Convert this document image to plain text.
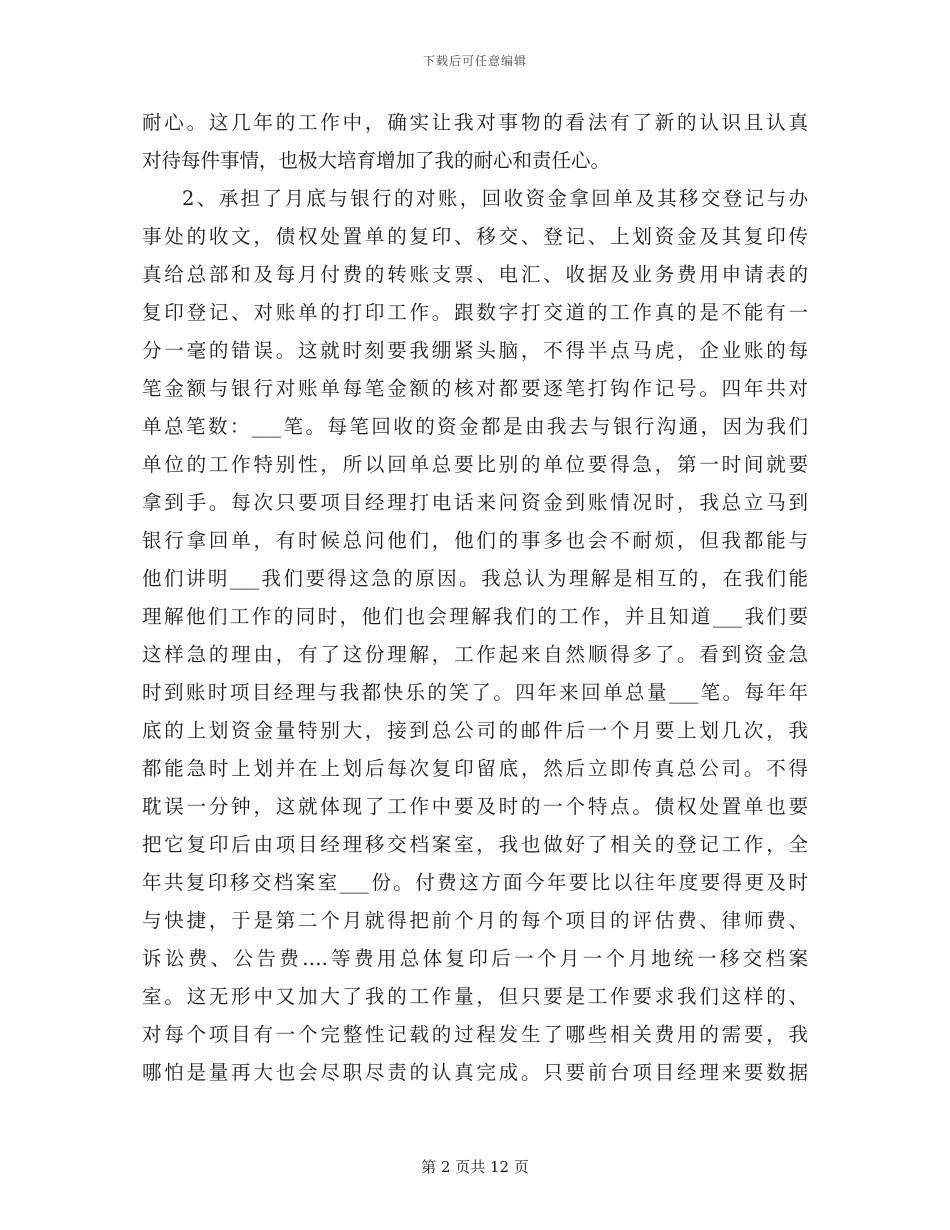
下载后可任意编辑
耐心。这几年的工作中，确实让我对事物的看法有了新的认识且认真
对待每件事情，也极大培育增加了我的耐心和责任心。
2、承担了月底与银行的对账，回收资金拿回单及其移交登记与办
事处的收文，债权处置单的复印、移交、登记、上划资金及其复印传
真给总部和及每月付费的转账支票、电汇、收据及业务费用申请表的
复印登记、对账单的打印工作。跟数字打交道的工作真的是不能有一
分一毫的错误。这就时刻要我绷紧头脑，不得半点马虎，企业账的每
笔金额与银行对账单每笔金额的核对都要逐笔打钩作记号。四年共对
单总笔数：___笔。每笔回收的资金都是由我去与银行沟通，因为我们
单位的工作特别性，所以回单总要比别的单位要得急，第一时间就要
拿到手。每次只要项目经理打电话来问资金到账情况时，我总立马到
银行拿回单，有时候总问他们，他们的事多也会不耐烦，但我都能与
他们讲明___我们要得这急的原因。我总认为理解是相互的，在我们能
理解他们工作的同时，他们也会理解我们的工作，并且知道___我们要
这样急的理由，有了这份理解，工作起来自然顺得多了。看到资金急
时到账时项目经理与我都快乐的笑了。四年来回单总量___笔。每年年
底的上划资金量特别大，接到总公司的邮件后一个月要上划几次，我
都能急时上划并在上划后每次复印留底，然后立即传真总公司。不得
耽误一分钟，这就体现了工作中要及时的一个特点。债权处置单也要
把它复印后由项目经理移交档案室，我也做好了相关的登记工作，全
年共复印移交档案室___份。付费这方面今年要比以往年度要得更及时
与快捷，于是第二个月就得把前个月的每个项目的评估费、律师费、
诉讼费、公告费….等费用总体复印后一个月一个月地统一移交档案
室。这无形中又加大了我的工作量，但只要是工作要求我们这样的、
对每个项目有一个完整性记载的过程发生了哪些相关费用的需要，我
哪怕是量再大也会尽职尽责的认真完成。只要前台项目经理来要数据
第 2 页共 12 页
